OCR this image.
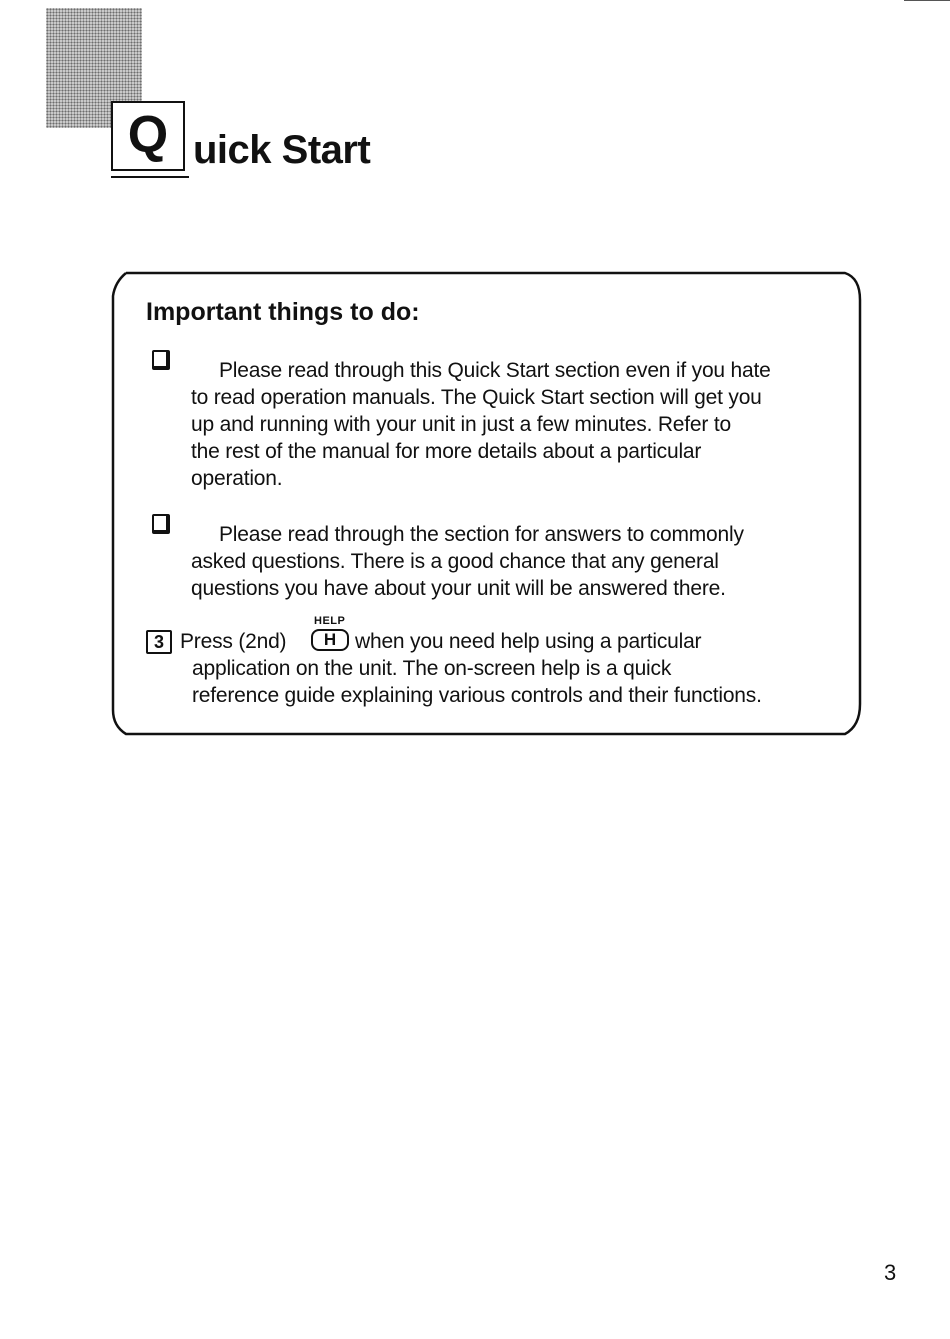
Q uick Start
Important things to do:
Please read through this Quick Start section even if you hate
to read operation manuals. The Quick Start section will get you
up and running with your unit in just a few minutes. Refer to
the rest of the manual for more details about a particular
operation.
Please read through the section for answers to commonly
asked questions. There is a good chance that any general
questions you have about your unit will be answered there.
3
HELP
H
Press (2nd)	when you need help using a particular
application on the unit. The on-screen help is a quick
reference guide explaining various controls and their functions.
3
